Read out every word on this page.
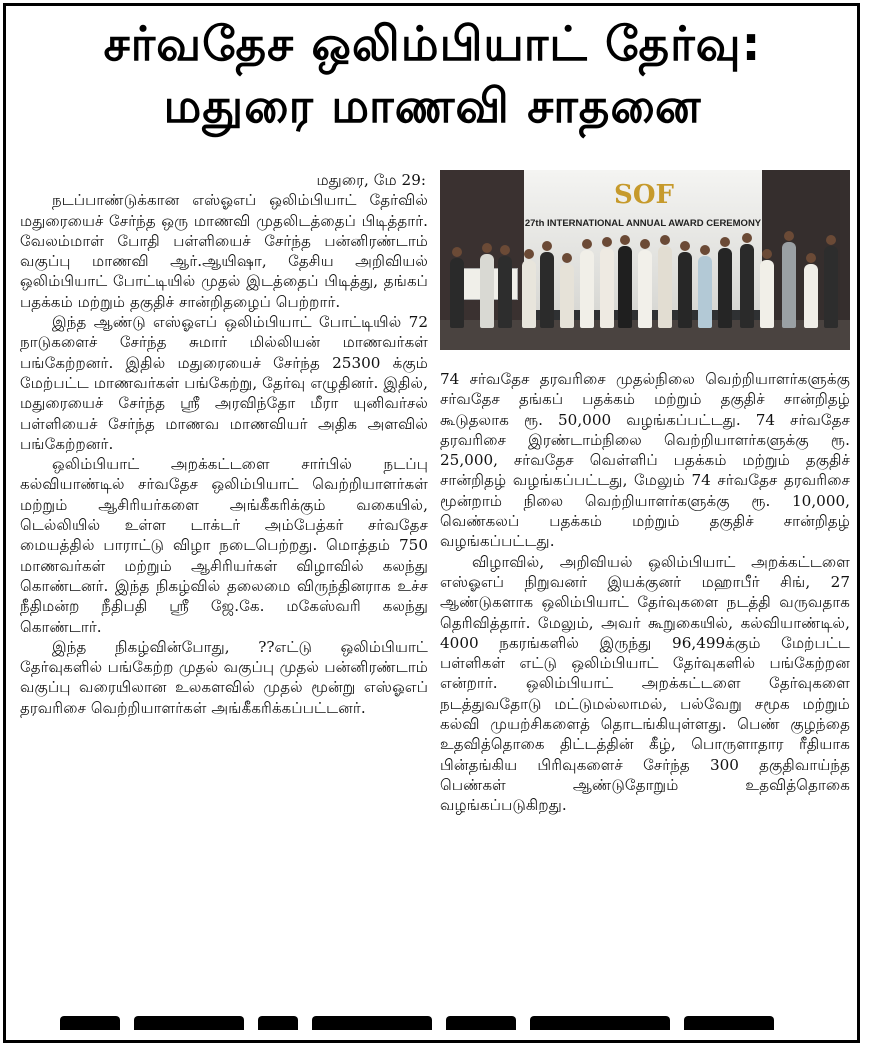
சர்வதேச ஒலிம்பியாட் தேர்வு:
மதுரை மாணவி சாதனை

மதுரை, மே 29:

நடப்பாண்டுக்கான எஸ்ஓஎப் ஒலிம்பியாட் தேர்வில் மதுரையைச் சேர்ந்த ஒரு மாணவி முதலிடத்தைப் பிடித்தார். வேலம்மாள் போதி பள்ளியைச் சேர்ந்த பன்னிரண்டாம் வகுப்பு மாணவி ஆர்.ஆயிஷா, தேசிய அறிவியல் ஒலிம்பியாட் போட்டியில் முதல் இடத்தைப் பிடித்து, தங்கப் பதக்கம் மற்றும் தகுதிச் சான்றிதழைப் பெற்றார்.

இந்த ஆண்டு எஸ்ஓஎப் ஒலிம்பியாட் போட்டியில் 72 நாடுகளைச் சேர்ந்த சுமார் மில்லியன் மாணவர்கள் பங்கேற்றனர். இதில் மதுரையைச் சேர்ந்த 25300 க்கும் மேற்பட்ட மாணவர்கள் பங்கேற்று, தேர்வு எழுதினர். இதில், மதுரையைச் சேர்ந்த ஸ்ரீ அரவிந்தோ மீரா யுனிவர்சல் பள்ளியைச் சேர்ந்த மாணவ மாணவியர் அதிக அளவில் பங்கேற்றனர்.

ஒலிம்பியாட் அறக்கட்டளை சார்பில் நடப்பு கல்வியாண்டில் சர்வதேச ஒலிம்பியாட் வெற்றியாளர்கள் மற்றும் ஆசிரியர்களை அங்கீகரிக்கும் வகையில், டெல்லியில் உள்ள டாக்டர் அம்பேத்கர் சர்வதேச மையத்தில் பாராட்டு விழா நடைபெற்றது. மொத்தம் 750 மாணவர்கள் மற்றும் ஆசிரியர்கள் விழாவில் கலந்து கொண்டனர். இந்த நிகழ்வில் தலைமை விருந்தினராக உச்ச நீதிமன்ற நீதிபதி ஸ்ரீ ஜே.கே. மகேஸ்வரி கலந்து கொண்டார்.

இந்த நிகழ்வின்போது, ??எட்டு ஒலிம்பியாட் தேர்வுகளில் பங்கேற்ற முதல் வகுப்பு முதல் பன்னிரண்டாம் வகுப்பு வரையிலான உலகளவில் முதல் மூன்று எஸ்ஓஎப் தரவரிசை வெற்றியாளர்கள் அங்கீகரிக்கப்பட்டனர்.

SOF
27th INTERNATIONAL ANNUAL AWARD CEREMONY

74 சர்வதேச தரவரிசை முதல்நிலை வெற்றியாளர்களுக்கு சர்வதேச தங்கப் பதக்கம் மற்றும் தகுதிச் சான்றிதழ் கூடுதலாக ரூ. 50,000 வழங்கப்பட்டது. 74 சர்வதேச தரவரிசை இரண்டாம்நிலை வெற்றியாளர்களுக்கு ரூ. 25,000, சர்வதேச வெள்ளிப் பதக்கம் மற்றும் தகுதிச் சான்றிதழ் வழங்கப்பட்டது, மேலும் 74 சர்வதேச தரவரிசை மூன்றாம் நிலை வெற்றியாளர்களுக்கு ரூ. 10,000, வெண்கலப் பதக்கம் மற்றும் தகுதிச் சான்றிதழ் வழங்கப்பட்டது.

விழாவில், அறிவியல் ஒலிம்பியாட் அறக்கட்டளை எஸ்ஓஎப் நிறுவனர் இயக்குனர் மஹாபீர் சிங், 27 ஆண்டுகளாக ஒலிம்பியாட் தேர்வுகளை நடத்தி வருவதாக தெரிவித்தார். மேலும், அவர் கூறுகையில், கல்வியாண்டில், 4000 நகரங்களில் இருந்து 96,499க்கும் மேற்பட்ட பள்ளிகள் எட்டு ஒலிம்பியாட் தேர்வுகளில் பங்கேற்றன என்றார். ஒலிம்பியாட் அறக்கட்டளை தேர்வுகளை நடத்துவதோடு மட்டுமல்லாமல், பல்வேறு சமூக மற்றும் கல்வி முயற்சிகளைத் தொடங்கியுள்ளது. பெண் குழந்தை உதவித்தொகை திட்டத்தின் கீழ், பொருளாதார ரீதியாக பின்தங்கிய பிரிவுகளைச் சேர்ந்த 300 தகுதிவாய்ந்த பெண்கள் ஆண்டுதோறும் உதவித்தொகை வழங்கப்படுகிறது.
